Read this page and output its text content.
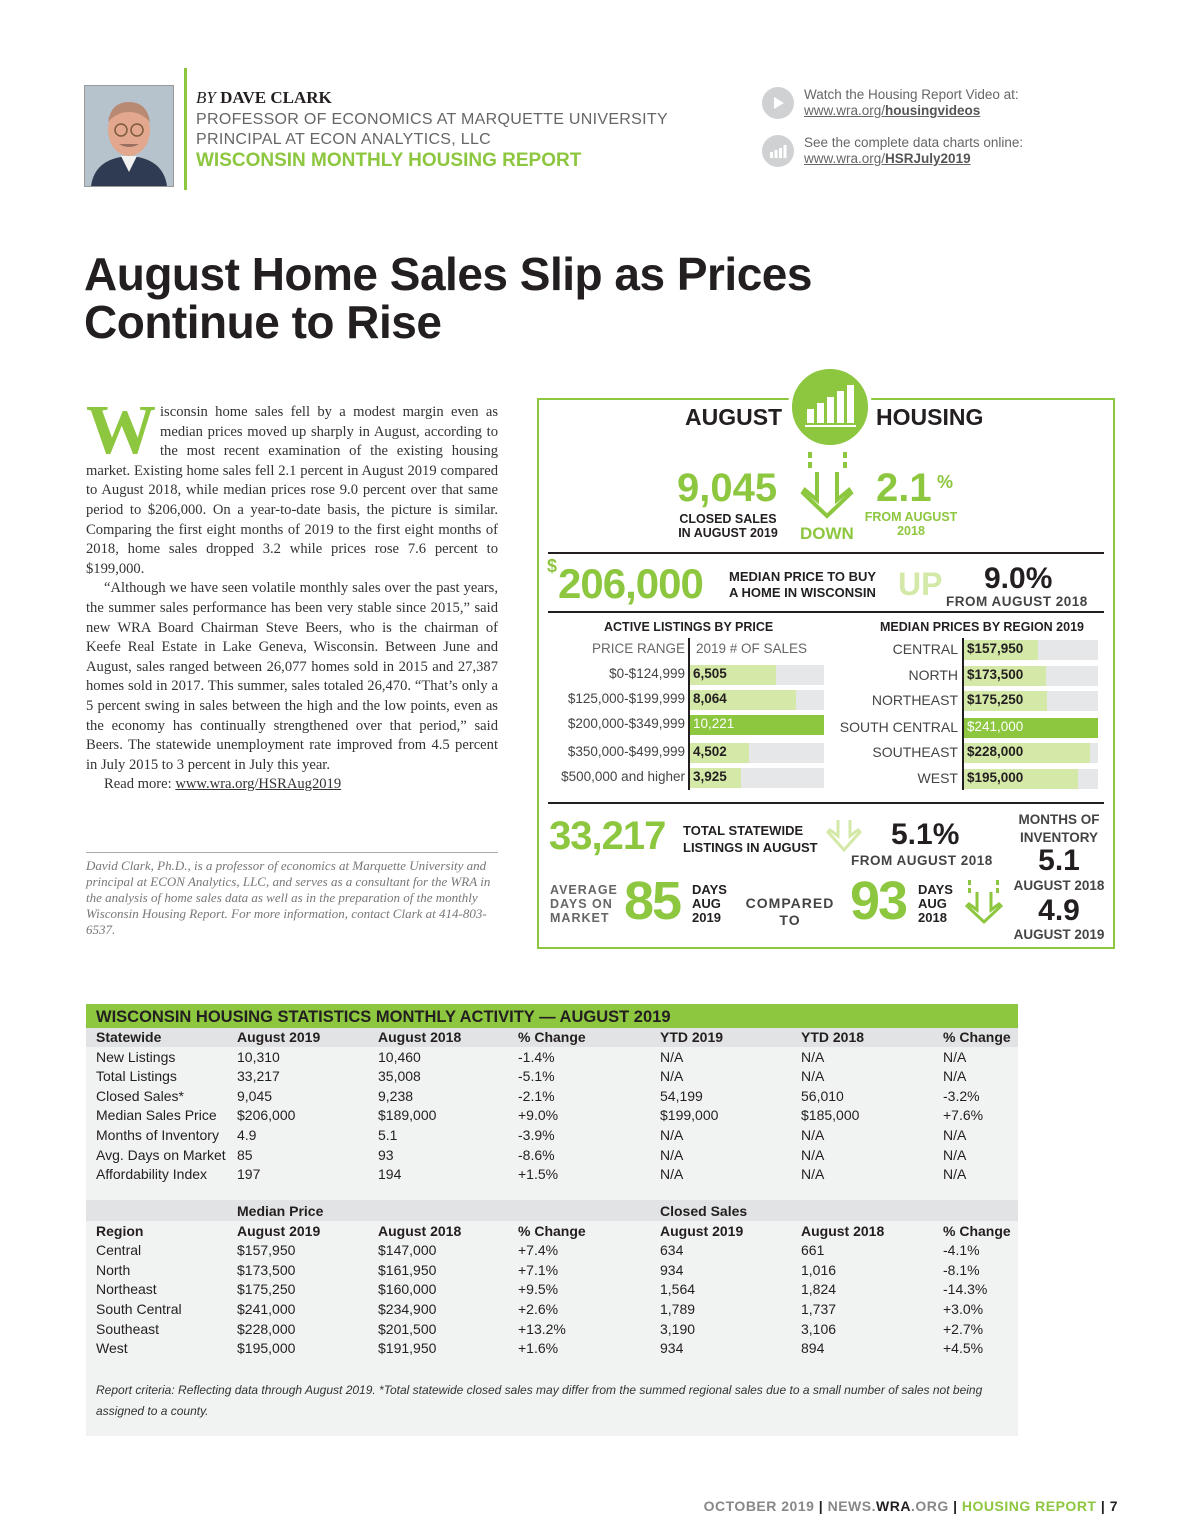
BY DAVE CLARK
PROFESSOR OF ECONOMICS AT MARQUETTE UNIVERSITY
PRINCIPAL AT ECON ANALYTICS, LLC
WISCONSIN MONTHLY HOUSING REPORT
Watch the Housing Report Video at:
www.wra.org/housingvideos
See the complete data charts online:
www.wra.org/HSRJuly2019
August Home Sales Slip as Prices
Continue to Rise

Wisconsin home sales fell by a modest margin even as median prices moved up sharply in August, according to the most recent examination of the existing housing market. Existing home sales fell 2.1 percent in August 2019 compared to August 2018, while median prices rose 9.0 percent over that same period to $206,000. On a year-to-date basis, the picture is similar. Comparing the first eight months of 2019 to the first eight months of 2018, home sales dropped 3.2 while prices rose 7.6 percent to $199,000.

“Although we have seen volatile monthly sales over the past years, the summer sales performance has been very stable since 2015,” said new WRA Board Chairman Steve Beers, who is the chairman of Keefe Real Estate in Lake Geneva, Wisconsin. Between June and August, sales ranged between 26,077 homes sold in 2015 and 27,387 homes sold in 2017. This summer, sales totaled 26,470. “That’s only a 5 percent swing in sales between the high and the low points, even as the economy has continually strengthened over that period,” said Beers. The statewide unemployment rate improved from 4.5 percent in July 2015 to 3 percent in July this year.

Read more: www.wra.org/HSRAug2019

David Clark, Ph.D., is a professor of economics at Marquette University and principal at ECON Analytics, LLC, and serves as a consultant for the WRA in the analysis of home sales data as well as in the preparation of the monthly Wisconsin Housing Report. For more information, contact Clark at 414-803-6537.
AUGUST	HOUSING
9,045
CLOSED SALES
IN AUGUST 2019	DOWN
2.1 %
FROM AUGUST
2018
$ 206,000 MEDIAN PRICE TO BUY
A HOME IN WISCONSIN UP 9.0%
FROM AUGUST 2018
ACTIVE LISTINGS BY PRICE
PRICE RANGE 2019 # OF SALES
$0-$124,999 6,505
$125,000-$199,999 8,064
$200,000-$349,999 10,221
$350,000-$499,999 4,502
$500,000 and higher 3,925
MEDIAN PRICES BY REGION 2019
CENTRAL $157,950
NORTH $173,500
NORTHEAST $175,250
SOUTH CENTRAL $241,000
SOUTHEAST $228,000
WEST $195,000
33,217 TOTAL STATEWIDE
LISTINGS IN AUGUST 5.1%
FROM AUGUST 2018
MONTHS OF
INVENTORY
5.1
AUGUST 2018
4.9
AUGUST 2019
AVERAGE
DAYS ON
MARKET 85 DAYS
AUG
2019
COMPARED
TO 93 DAYS
AUG
2018
WISCONSIN HOUSING STATISTICS MONTHLY ACTIVITY — AUGUST 2019
Statewide
New Listings
Total Listings
Closed Sales*
Median Sales Price
Months of Inventory
Avg. Days on Market
Affordability Index

Region
Central
North
Northeast
South Central
Southeast
West
August 2019
10,310
33,217
9,045
$206,000
4.9
85
197
Median Price
August 2019
$157,950
$173,500
$175,250
$241,000
$228,000
$195,000
August 2018
10,460
35,008
9,238
$189,000
5.1
93
194

August 2018
$147,000
$161,950
$160,000
$234,900
$201,500
$191,950
% Change
-1.4%
-5.1%
-2.1%
+9.0%
-3.9%
-8.6%
+1.5%

% Change
+7.4%
+7.1%
+9.5%
+2.6%
+13.2%
+1.6%
YTD 2019
N/A
N/A
54,199
$199,000
N/A
N/A
N/A
Closed Sales
August 2019
634
934
1,564
1,789
3,190
934
YTD 2018
N/A
N/A
56,010
$185,000
N/A
N/A
N/A

August 2018
661
1,016
1,824
1,737
3,106
894
% Change
N/A
N/A
-3.2%
+7.6%
N/A
N/A
N/A

% Change
-4.1%
-8.1%
-14.3%
+3.0%
+2.7%
+4.5%
Report criteria: Reflecting data through August 2019. *Total statewide closed sales may differ from the summed regional sales due to a small number of sales not being assigned to a county.
OCTOBER 2019 | NEWS.WRA.ORG | HOUSING REPORT | 7
